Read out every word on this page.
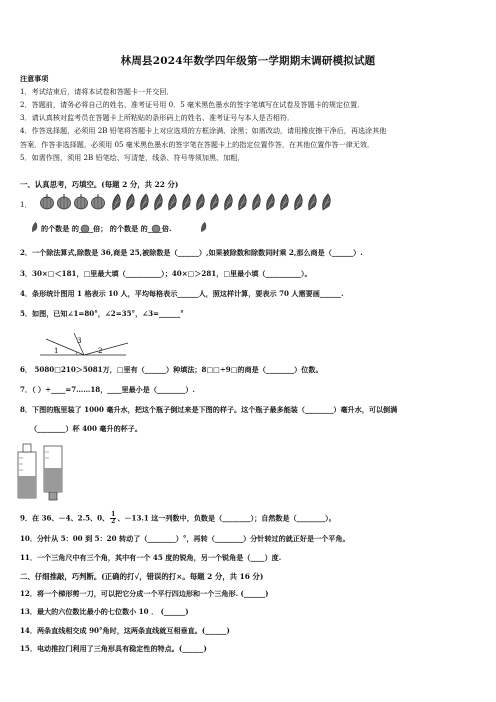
林周县2024年数学四年级第一学期期末调研模拟试题
注意事项
1．考试结束后，请将本试卷和答题卡一并交回．
2．答题前，请务必将自己的姓名、准考证号用 0．5 毫米黑色墨水的签字笔填写在试卷及答题卡的规定位置．
3．请认真核对监考员在答题卡上所粘贴的条形码上的姓名、准考证号与本人是否相符．
4．作答选择题，必须用 2B 铅笔将答题卡上对应选项的方框涂满、涂黑；如需改动，请用橡皮擦干净后，再选涂其他
答案．作答非选择题，必须用 05 毫米黑色墨水的签字笔在答题卡上的指定位置作答，在其他位置作答一律无效．
5．如需作图，须用 2B 铅笔绘、写清楚，线条、符号等须加黑、加粗．
一、认真思考，巧填空。(每题 2 分，共 22 分)
1．
的个数是 的____倍； 的个数是 的____倍.
2．一个除法算式,除数是 36,商是 25,被除数是（______）,如果被除数和除数同时乘 2,那么商是（______）.
3．30×□＜181，□里最大填（__________）；40×□＞281，□里最小填（__________）。
4．条形统计图用 1 格表示 10 人，平均每格表示______人，照这样计算，要表示 70 人需要画______.
5．如图，已知∠1=80°，∠2=35°，∠3=______°
1
3
2
6． 5080□210＞5081万，□里有（______）种填法；8□□÷9□的商是（________）位数。
7．（ ）÷____=7……18，____里最小是（________）.
8．下图的瓶里装了 1000 毫升水，把这个瓶子倒过来是下图的样子。这个瓶子最多能装（________）毫升水，可以倒满
（________）杯 400 毫升的杯子。
9．在 36、－4、2.5、0、 $\frac{1}{2}$ 、－13.1 这一列数中，负数是（________）；自然数是（________）。
10．分针从 5：00 到 5：20 转动了（________）°，再转（________）分针转过的就正好是一个平角。
11．一个三角尺中有三个角，其中有一个 45 度的锐角，另一个锐角是（____）度.
二、仔细推敲，巧判断。(正确的打√，错误的打×。每题 2 分，共 16 分)
12．将一个梯形剪一刀，可以把它分成一个平行四边形和一个三角形. (______)
13．最大的六位数比最小的七位数小 10 ． (______)
14．两条直线相交成 90°角时，这两条直线就互相垂直。(______)
15．电动推拉门利用了三角形具有稳定性的特点。(______)
